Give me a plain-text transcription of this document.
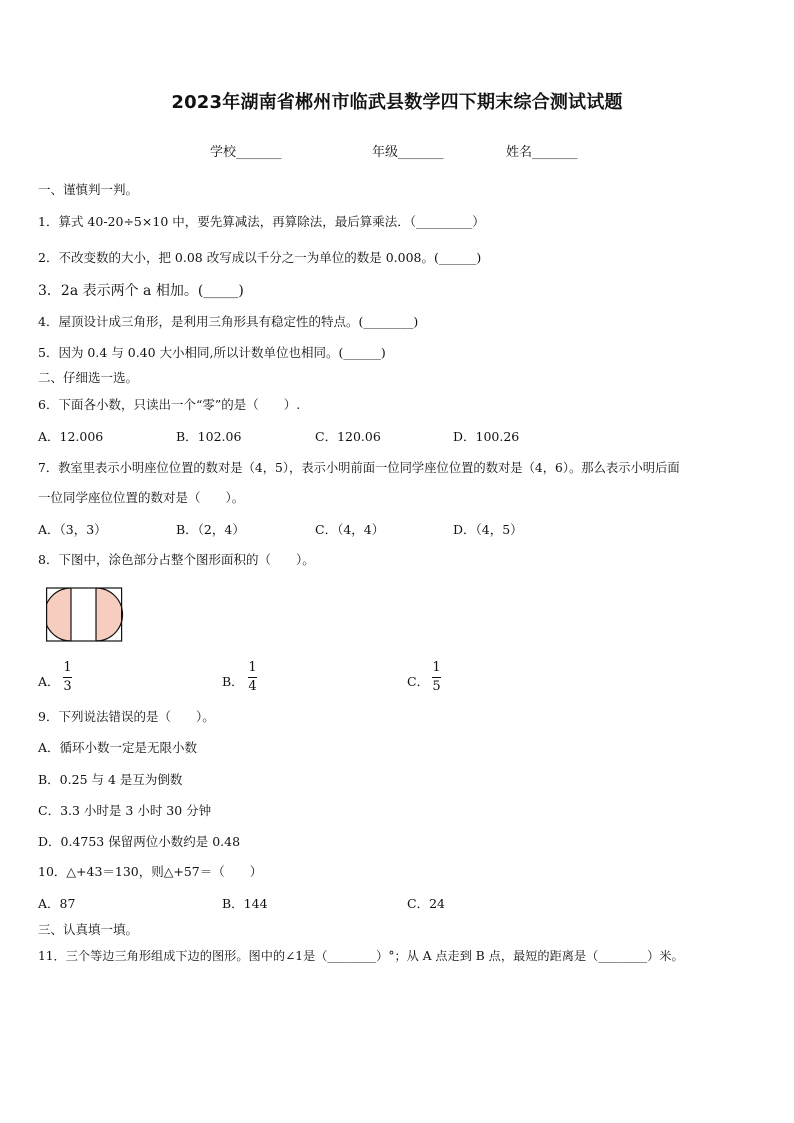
2023年湖南省郴州市临武县数学四下期末综合测试试题
学校_______	年级_______	姓名_______
一、谨慎判一判。
1．算式 40-20÷5×10 中，要先算减法，再算除法，最后算乘法．（_________）
2．不改变数的大小，把 0.08 改写成以千分之一为单位的数是 0.008。(______)
3．2a 表示两个 a 相加。(_____)
4．屋顶设计成三角形，是利用三角形具有稳定性的特点。(________)
5．因为 0.4 与 0.40 大小相同,所以计数单位也相同。(______)
二、仔细选一选。
6．下面各小数，只读出一个“零”的是（　　）.
A．12.006	B．102.06	C．120.06	D．100.26
7．教室里表示小明座位位置的数对是（4，5），表示小明前面一位同学座位位置的数对是（4，6）。那么表示小明后面
一位同学座位位置的数对是（　　）。
A．（3，3）	B．（2，4）	C．（4，4）	D．（4，5）
8．下图中，涂色部分占整个图形面积的（　　）。
A．
1
3	B．
1
4	C．
1
5
9．下列说法错误的是（　　）。
A．循环小数一定是无限小数
B．0.25 与 4 是互为倒数
C．3.3 小时是 3 小时 30 分钟
D．0.4753 保留两位小数约是 0.48
10．△+43＝130，则△+57＝（　　）
A．87	B．144	C．24
三、认真填一填。
11．三个等边三角形组成下边的图形。图中的∠1是（________）°；从 A 点走到 B 点，最短的距离是（________）米。
